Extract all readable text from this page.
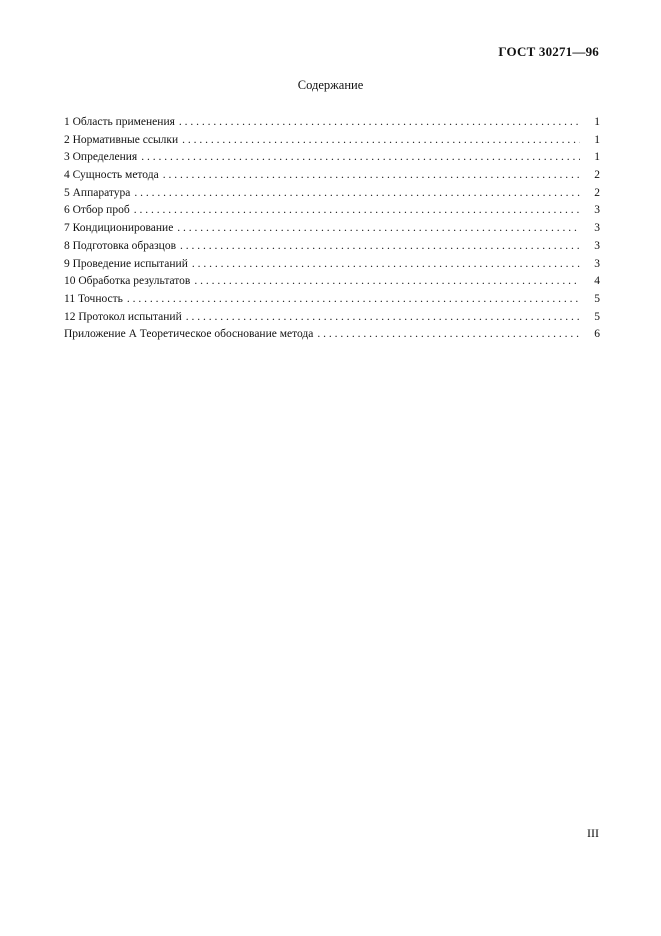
ГОСТ 30271—96
Содержание
1 Область применения . . .	1
2 Нормативные ссылки . . .	1
3 Определения . . .	1
4 Сущность метода . . .	2
5 Аппаратура . . .	2
6 Отбор проб . . .	3
7 Кондиционирование . . .	3
8 Подготовка образцов . . .	3
9 Проведение испытаний . . .	3
10 Обработка результатов . . .	4
11 Точность . . .	5
12 Протокол испытаний . . .	5
Приложение А Теоретическое обоснование метода . . .	6
III
